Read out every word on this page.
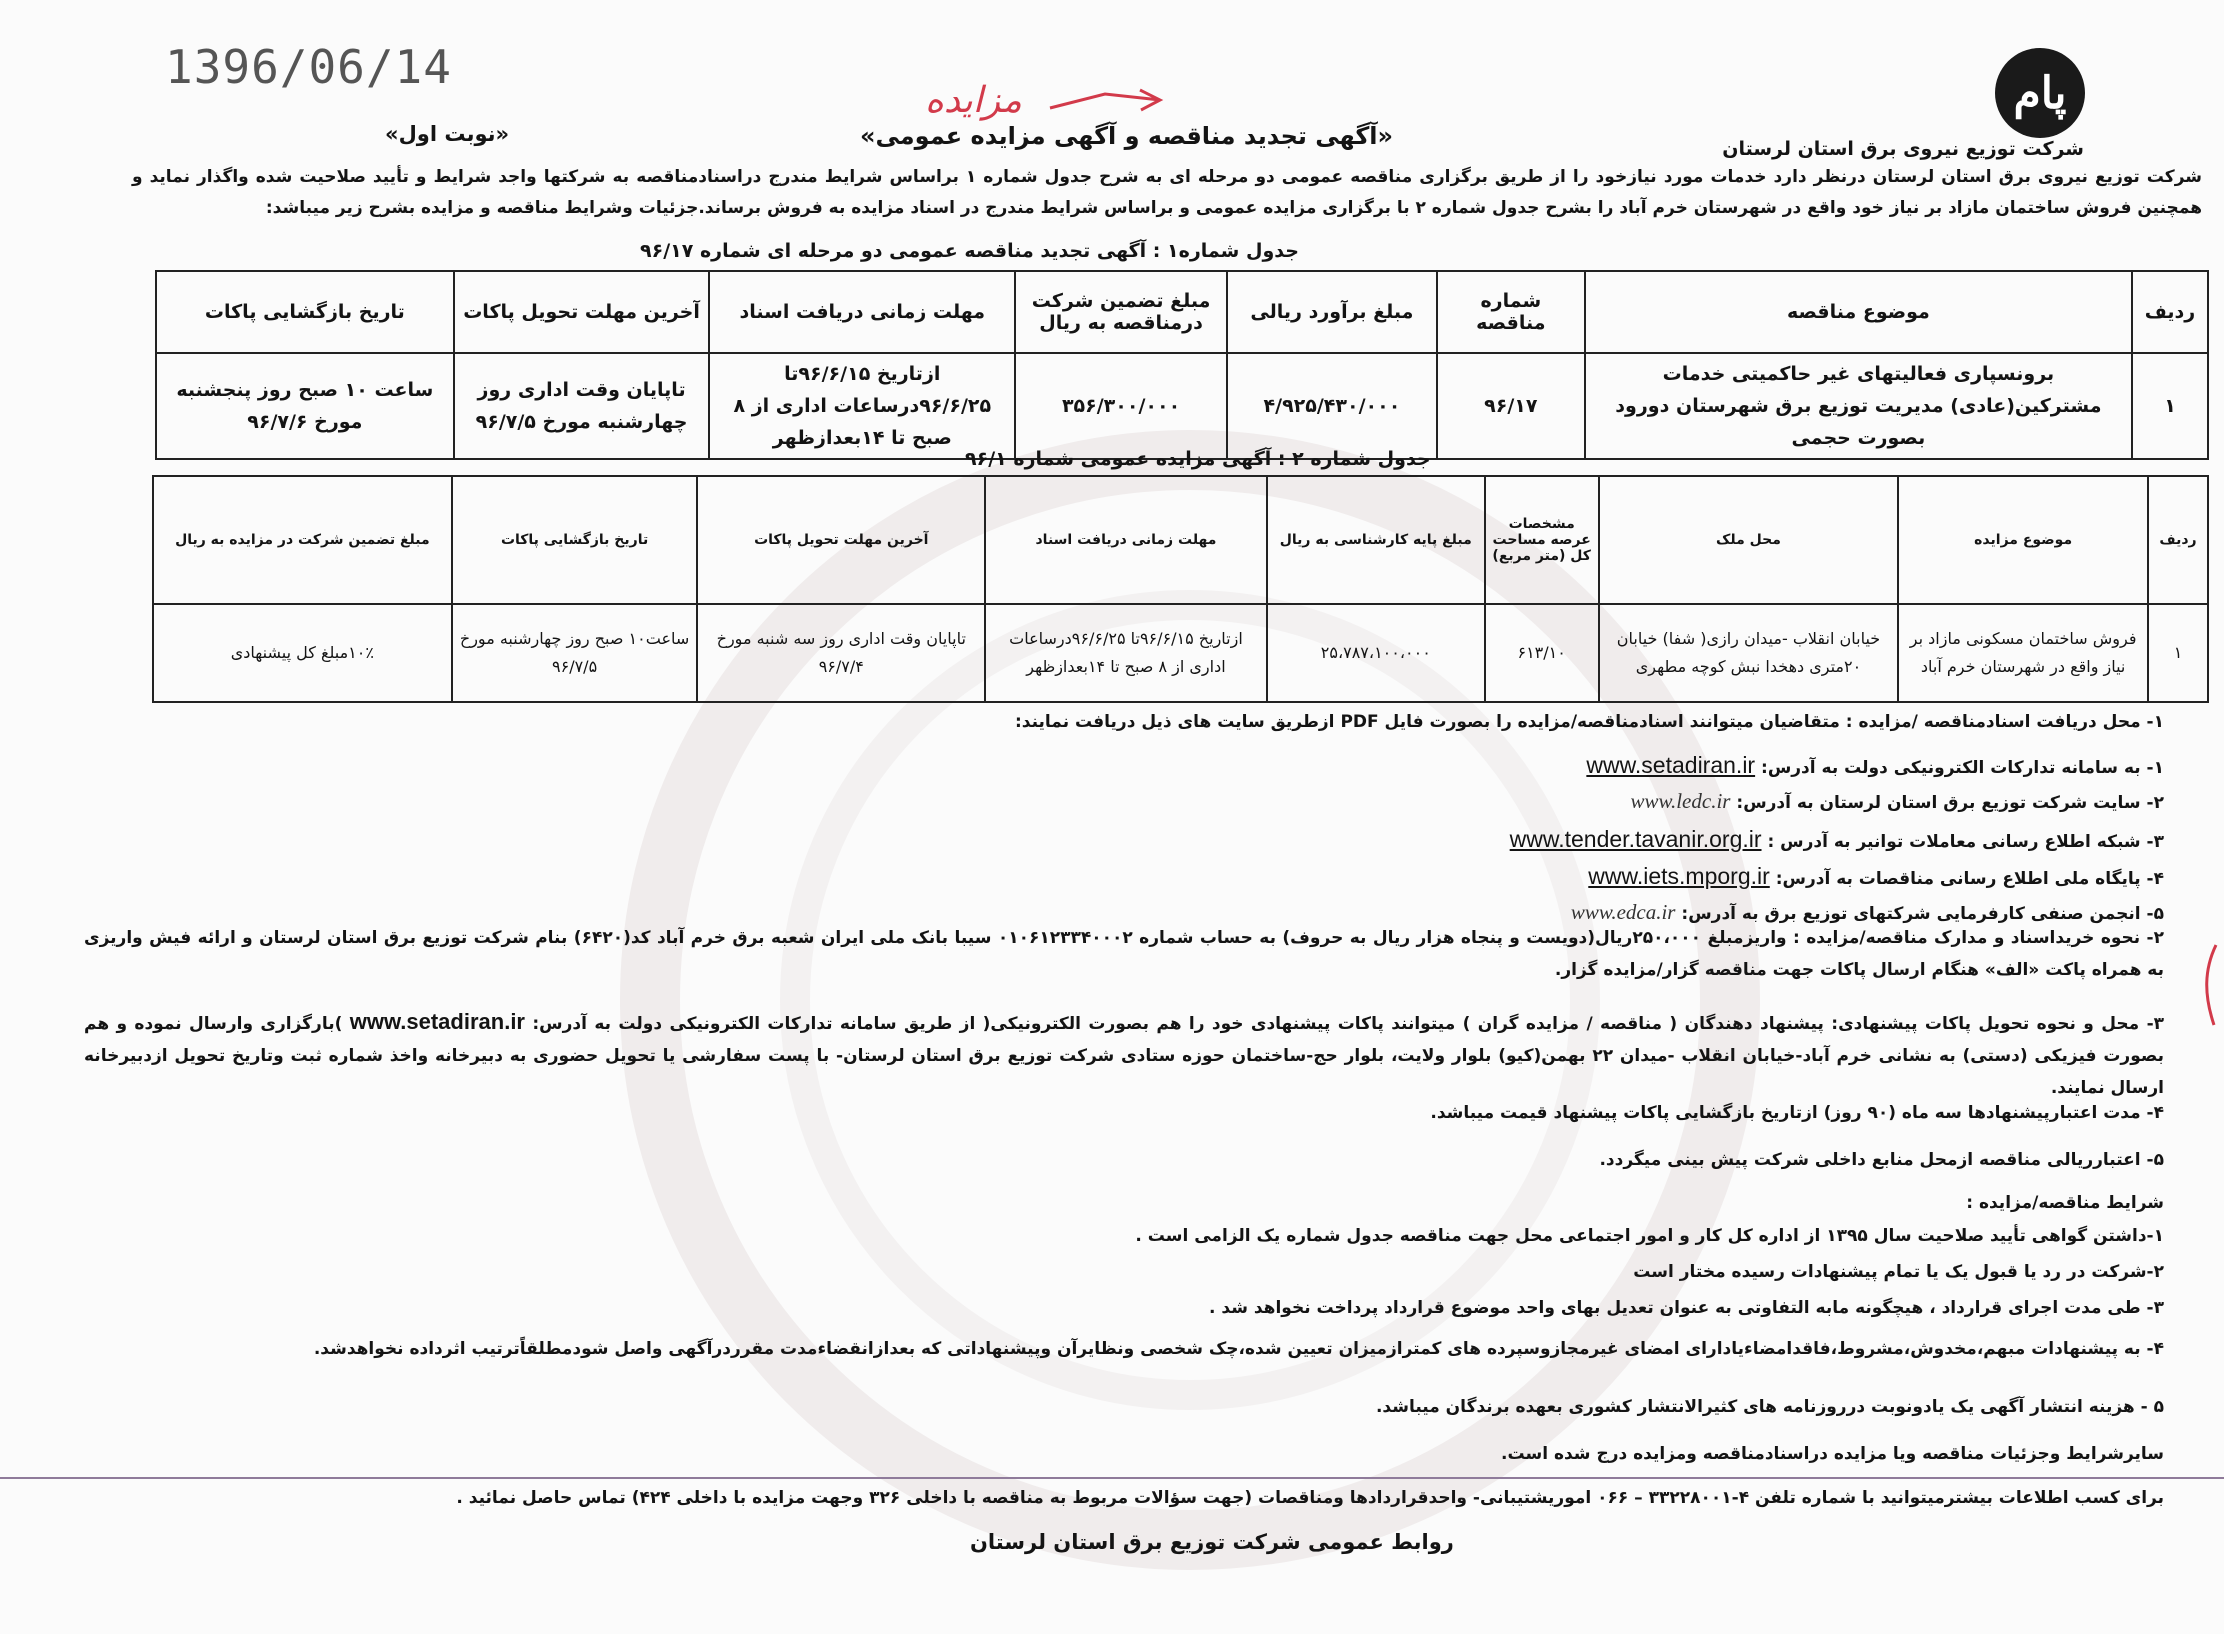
1396/06/14	ﭘﺎﻡ
شرکت توزیع نیروی برق استان لرستان
مزایده
«آگهی تجدید مناقصه و آگهی مزایده عمومی»
«نوبت اول»
شرکت توزیع نیروی برق استان لرستان درنظر دارد خدمات مورد نیازخود را از طریق برگزاری مناقصه عمومی دو مرحله ای به شرح جدول شماره ۱ براساس شرایط مندرج دراسنادمناقصه به شرکتها واجد شرایط و تأیید صلاحیت شده واگذار نماید و همچنین فروش ساختمان مازاد بر نیاز خود واقع در شهرستان خرم آباد را بشرح جدول شماره ۲ با برگزاری مزایده عمومی و براساس شرایط مندرج در اسناد مزایده به فروش برساند.جزئیات وشرایط مناقصه و مزایده بشرح زیر میباشد:
جدول شماره۱ : آگهی تجدید مناقصه عمومی دو مرحله ای شماره ۹۶/۱۷
ردیف	موضوع مناقصه	شماره مناقصه	مبلغ برآورد ریالی	مبلغ تضمین شرکت درمناقصه به ریال	مهلت زمانی دریافت اسناد	آخرین مهلت تحویل پاکات	تاریخ بازگشایی پاکات
۱	برونسپاری فعالیتهای غیر حاکمیتی خدمات مشترکین(عادی) مدیریت توزیع برق شهرستان دورود بصورت حجمی	۹۶/۱۷	۴/۹۲۵/۴۳۰/۰۰۰	۳۵۶/۳۰۰/۰۰۰	ازتاریخ ۹۶/۶/۱۵تا ۹۶/۶/۲۵درساعات اداری از ۸ صبح تا ۱۴بعدازظهر	تاپایان وقت اداری روز چهارشنبه مورخ ۹۶/۷/۵	ساعت ۱۰ صبح روز پنجشنبه مورخ ۹۶/۷/۶
جدول شماره ۲ : آگهی مزایده عمومی شماره ۹۶/۱
ردیف	موضوع مزایده	محل ملک	مشخصات عرصه مساحت کل (متر مربع)	مبلغ پایه کارشناسی به ریال	مهلت زمانی دریافت اسناد	آخرین مهلت تحویل پاکات	تاریخ بازگشایی پاکات	مبلغ تضمین شرکت در مزایده به ریال
۱	فروش ساختمان مسکونی مازاد بر نیاز واقع در شهرستان خرم آباد	خیابان انقلاب -میدان رازی( شفا) خیابان ۲۰متری دهخدا نبش کوچه مطهری	۶۱۳/۱۰	۲۵،۷۸۷،۱۰۰،۰۰۰	ازتاریخ ۹۶/۶/۱۵تا ۹۶/۶/۲۵درساعات اداری از ۸ صبح تا ۱۴بعدازظهر	تاپایان وقت اداری روز سه شنبه مورخ ۹۶/۷/۴	ساعت۱۰ صبح روز چهارشنبه مورخ ۹۶/۷/۵	۱۰٪مبلغ کل پیشنهادی
۱- محل دریافت اسنادمناقصه /مزایده : متقاضیان میتوانند اسنادمناقصه/مزایده را بصورت فایل PDF ازطریق سایت های ذیل دریافت نمایند:
۱- به سامانه تدارکات الکترونیکی دولت به آدرس: www.setadiran.ir
۲- سایت شرکت توزیع برق استان لرستان به آدرس: www.ledc.ir
۳- شبکه اطلاع رسانی معاملات توانیر به آدرس : www.tender.tavanir.org.ir
۴- پایگاه ملی اطلاع رسانی مناقصات به آدرس: www.iets.mporg.ir
۵- انجمن صنفی کارفرمایی شرکتهای توزیع برق به آدرس: www.edca.ir
۲- نحوه خریداسناد و مدارک مناقصه/مزایده : واریزمبلغ ۲۵۰،۰۰۰ریال(دویست و پنجاه هزار ریال به حروف) به حساب شماره ۰۱۰۶۱۲۳۳۴۰۰۰۲ سیبا بانک ملی ایران شعبه برق خرم آباد کد(۶۴۲۰) بنام شرکت توزیع برق استان لرستان و ارائه فیش واریزی به همراه پاکت «الف» هنگام ارسال پاکات جهت مناقصه گزار/مزایده گزار.
۳- محل و نحوه تحویل پاکات پیشنهادی: پیشنهاد دهندگان ( مناقصه / مزایده گران ) میتوانند پاکات پیشنهادی خود را هم بصورت الکترونیکی( از طریق سامانه تدارکات الکترونیکی دولت به آدرس: www.setadiran.ir )بارگزاری وارسال نموده و هم بصورت فیزیکی (دستی) به نشانی خرم آباد-خیابان انقلاب -میدان ۲۲ بهمن(کیو) بلوار ولایت، بلوار حج-ساختمان حوزه ستادی شرکت توزیع برق استان لرستان- با پست سفارشی یا تحویل حضوری به دبیرخانه واخذ شماره ثبت وتاریخ تحویل ازدبیرخانه ارسال نمایند.
۴- مدت اعتبارپیشنهادها سه ماه (۹۰ روز) ازتاریخ بازگشایی پاکات پیشنهاد قیمت میباشد.
۵- اعتبارریالی مناقصه ازمحل منابع داخلی شرکت پیش بینی میگردد.
شرایط مناقصه/مزایده :
۱-داشتن گواهی تأیید صلاحیت سال ۱۳۹۵ از اداره کل کار و امور اجتماعی محل جهت مناقصه جدول شماره یک الزامی است .
۲-شرکت در رد یا قبول یک یا تمام پیشنهادات رسیده مختار است
۳- طی مدت اجرای قرارداد ، هیچگونه مابه التفاوتی به عنوان تعدیل بهای واحد موضوع قرارداد پرداخت نخواهد شد .
۴- به پیشنهادات مبهم،مخدوش،مشروط،فاقدامضاءیادارای امضای غیرمجازوسپرده های کمترازمیزان تعیین شده،چک شخصی ونظایرآن وپیشنهاداتی که بعدازانقضاءمدت مقرردرآگهی واصل شودمطلقاًترتیب اثرداده نخواهدشد.
۵ - هزینه انتشار آگهی یک یادونوبت درروزنامه های کثیرالانتشار کشوری بعهده برندگان میباشد.
سایرشرایط وجزئیات مناقصه ویا مزایده دراسنادمناقصه ومزایده درج شده است.
برای کسب اطلاعات بیشترمیتوانید با شماره تلفن ۴-۳۳۲۲۸۰۰۱ – ۰۶۶ اموریشتیبانی- واحدقراردادها ومناقصات (جهت سؤالات مربوط به مناقصه با داخلی ۳۲۶ وجهت مزایده با داخلی ۴۲۴) تماس حاصل نمائید .
روابط عمومی شرکت توزیع برق استان لرستان
